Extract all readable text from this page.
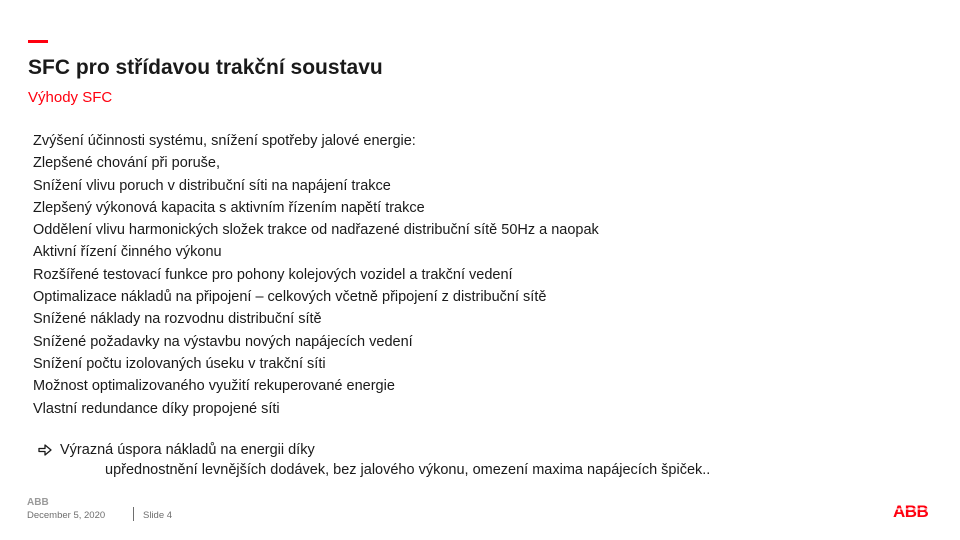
SFC pro střídavou trakční soustavu
Výhody SFC
Zvýšení účinnosti systému, snížení spotřeby jalové energie:
Zlepšené chování při poruše,
Snížení vlivu poruch v distribuční síti na napájení trakce
Zlepšený výkonová kapacita s aktivním řízením napětí trakce
Oddělení vlivu harmonických složek trakce od nadřazené distribuční sítě 50Hz a naopak
Aktivní řízení činného výkonu
Rozšířené testovací funkce pro pohony kolejových vozidel a trakční vedení
Optimalizace nákladů na připojení – celkových včetně připojení z distribuční sítě
Snížené náklady na rozvodnu distribuční sítě
Snížené požadavky na výstavbu nových napájecích vedení
Snížení počtu izolovaných úseku v trakční síti
Možnost optimalizovaného využití rekuperované energie
Vlastní redundance díky propojené síti
Výrazná úspora nákladů na energii díky
upřednostnění levnějších dodávek, bez jalového výkonu, omezení maxima napájecích špiček..
ABB
December 5, 2020	Slide 4	ABB
